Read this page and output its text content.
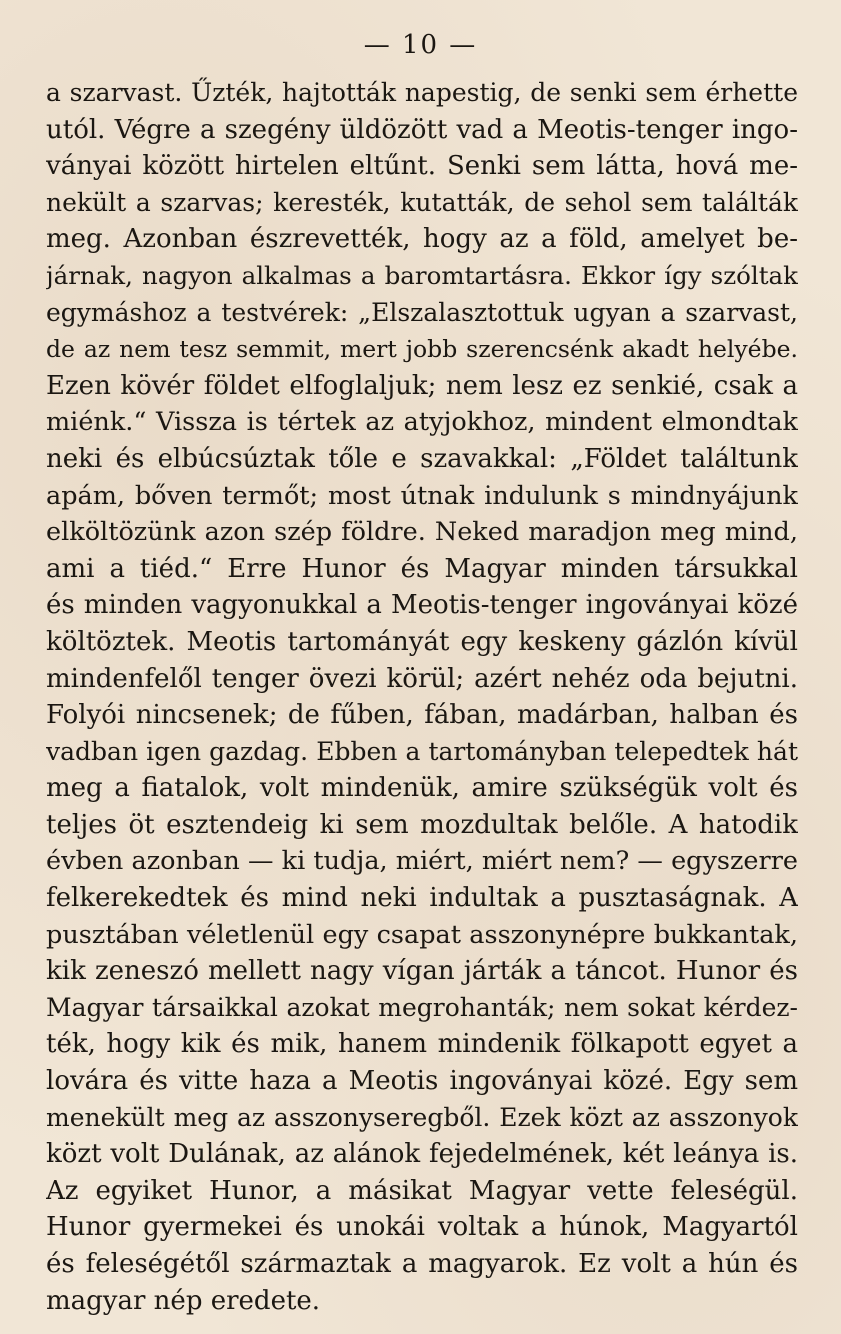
— 10 —
a szarvast. Űzték, hajtották napestig, de senki sem érhette
utól. Végre a szegény üldözött vad a Meotis-tenger ingo-
ványai között hirtelen eltűnt. Senki sem látta, hová me-
nekült a szarvas; keresték, kutatták, de sehol sem találták
meg. Azonban észrevették, hogy az a föld, amelyet be-
járnak, nagyon alkalmas a baromtartásra. Ekkor így szóltak
egymáshoz a testvérek: „Elszalasztottuk ugyan a szarvast,
de az nem tesz semmit, mert jobb szerencsénk akadt helyébe.
Ezen kövér földet elfoglaljuk; nem lesz ez senkié, csak a
miénk.“ Vissza is tértek az atyjokhoz, mindent elmondtak
neki és elbúcsúztak tőle e szavakkal: „Földet találtunk
apám, bőven termőt; most útnak indulunk s mindnyájunk
elköltözünk azon szép földre. Neked maradjon meg mind,
ami a tiéd.“ Erre Hunor és Magyar minden társukkal
és minden vagyonukkal a Meotis-tenger ingoványai közé
költöztek. Meotis tartományát egy keskeny gázlón kívül
mindenfelől tenger övezi körül; azért nehéz oda bejutni.
Folyói nincsenek; de fűben, fában, madárban, halban és
vadban igen gazdag. Ebben a tartományban telepedtek hát
meg a fiatalok, volt mindenük, amire szükségük volt és
teljes öt esztendeig ki sem mozdultak belőle. A hatodik
évben azonban — ki tudja, miért, miért nem? — egyszerre
felkerekedtek és mind neki indultak a pusztaságnak. A
pusztában véletlenül egy csapat asszonynépre bukkantak,
kik zeneszó mellett nagy vígan járták a táncot. Hunor és
Magyar társaikkal azokat megrohanták; nem sokat kérdez-
ték, hogy kik és mik, hanem mindenik fölkapott egyet a
lovára és vitte haza a Meotis ingoványai közé. Egy sem
menekült meg az asszonyseregből. Ezek közt az asszonyok
közt volt Dulának, az alánok fejedelmének, két leánya is.
Az egyiket Hunor, a másikat Magyar vette feleségül.
Hunor gyermekei és unokái voltak a húnok, Magyartól
és feleségétől származtak a magyarok. Ez volt a hún és
magyar nép eredete.
